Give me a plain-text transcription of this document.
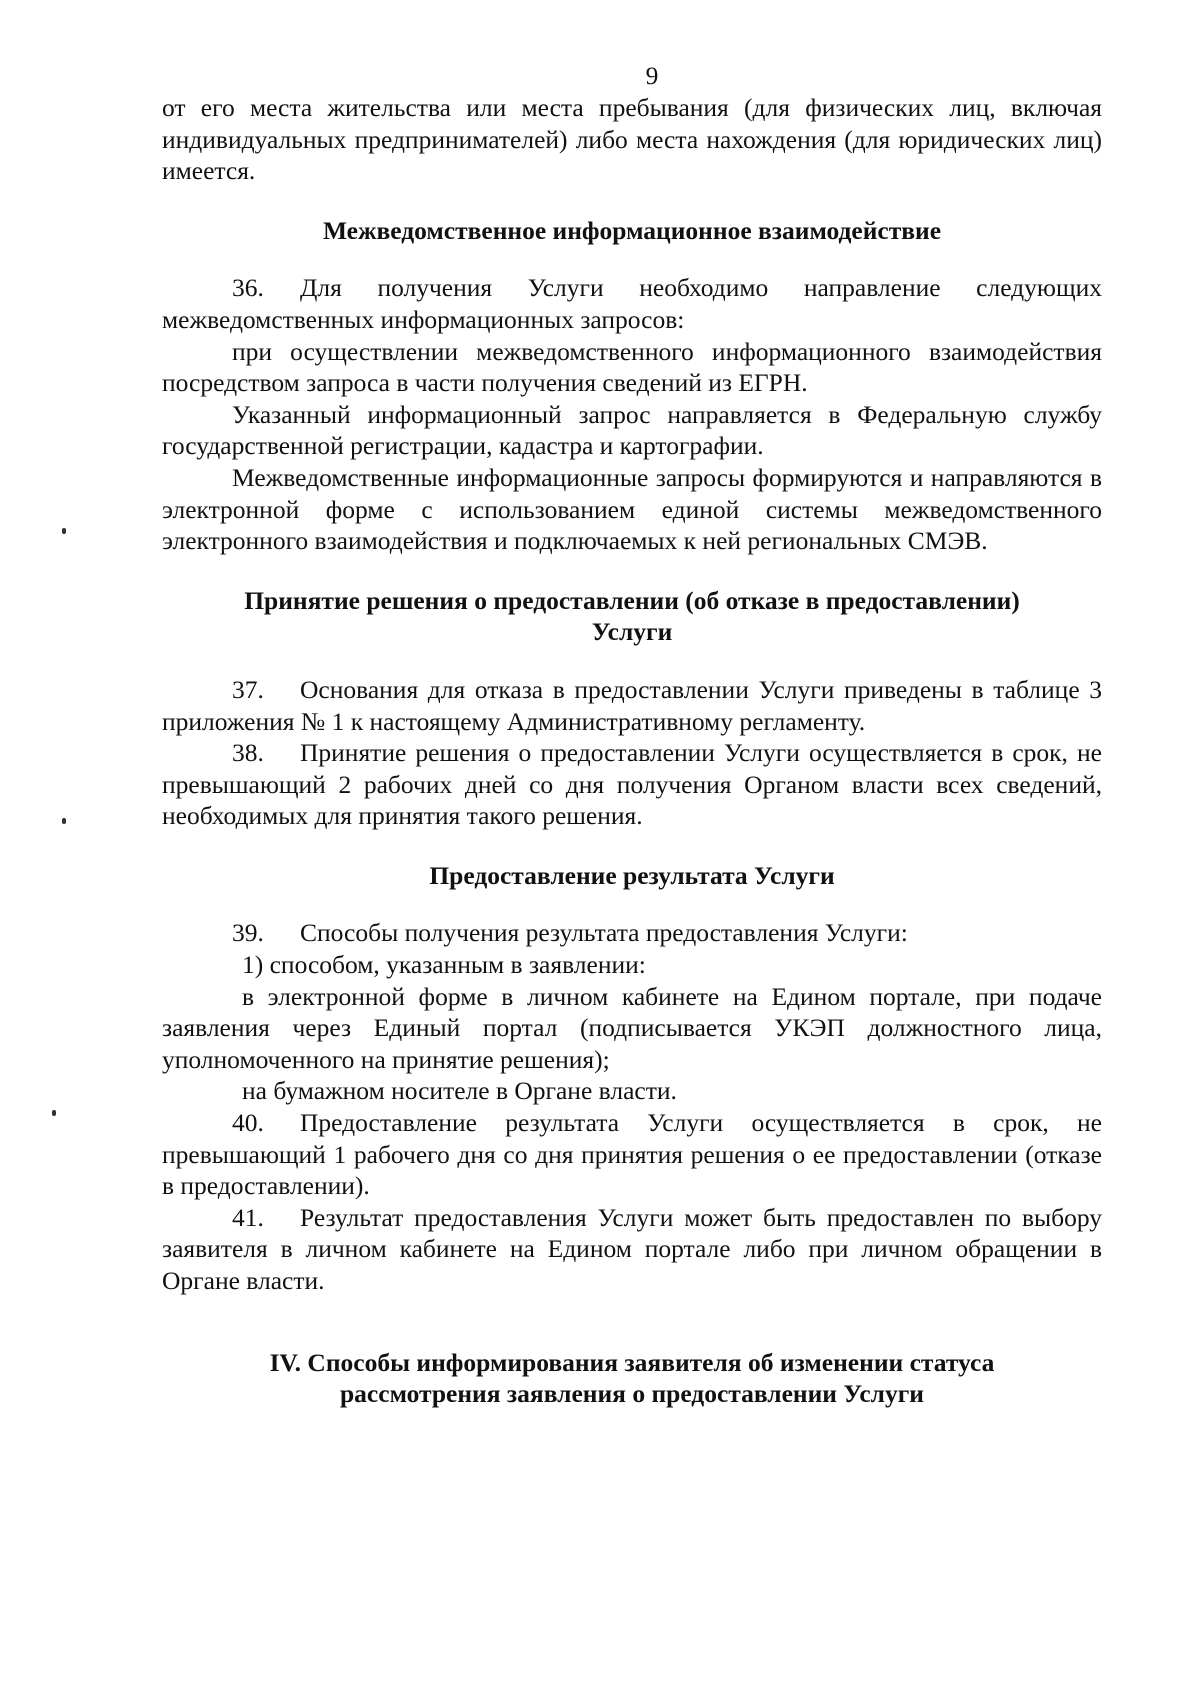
9

от его места жительства или места пребывания (для физических лиц, включая индивидуальных предпринимателей) либо места нахождения (для юридических лиц) имеется.

Межведомственное информационное взаимодействие

36. Для получения Услуги необходимо направление следующих межведомственных информационных запросов:

при осуществлении межведомственного информационного взаимодействия посредством запроса в части получения сведений из ЕГРН.

Указанный информационный запрос направляется в Федеральную службу государственной регистрации, кадастра и картографии.

Межведомственные информационные запросы формируются и направляются в электронной форме с использованием единой системы межведомственного электронного взаимодействия и подключаемых к ней региональных СМЭВ.

Принятие решения о предоставлении (об отказе в предоставлении)
Услуги

37. Основания для отказа в предоставлении Услуги приведены в таблице 3 приложения № 1 к настоящему Административному регламенту.

38. Принятие решения о предоставлении Услуги осуществляется в срок, не превышающий 2 рабочих дней со дня получения Органом власти всех сведений, необходимых для принятия такого решения.

Предоставление результата Услуги

39. Способы получения результата предоставления Услуги:

1) способом, указанным в заявлении:

в электронной форме в личном кабинете на Едином портале, при подаче заявления через Единый портал (подписывается УКЭП должностного лица, уполномоченного на принятие решения);

на бумажном носителе в Органе власти.

40. Предоставление результата Услуги осуществляется в срок, не превышающий 1 рабочего дня со дня принятия решения о ее предоставлении (отказе в предоставлении).

41. Результат предоставления Услуги может быть предоставлен по выбору заявителя в личном кабинете на Едином портале либо при личном обращении в Органе власти.

IV. Способы информирования заявителя об изменении статуса
рассмотрения заявления о предоставлении Услуги
